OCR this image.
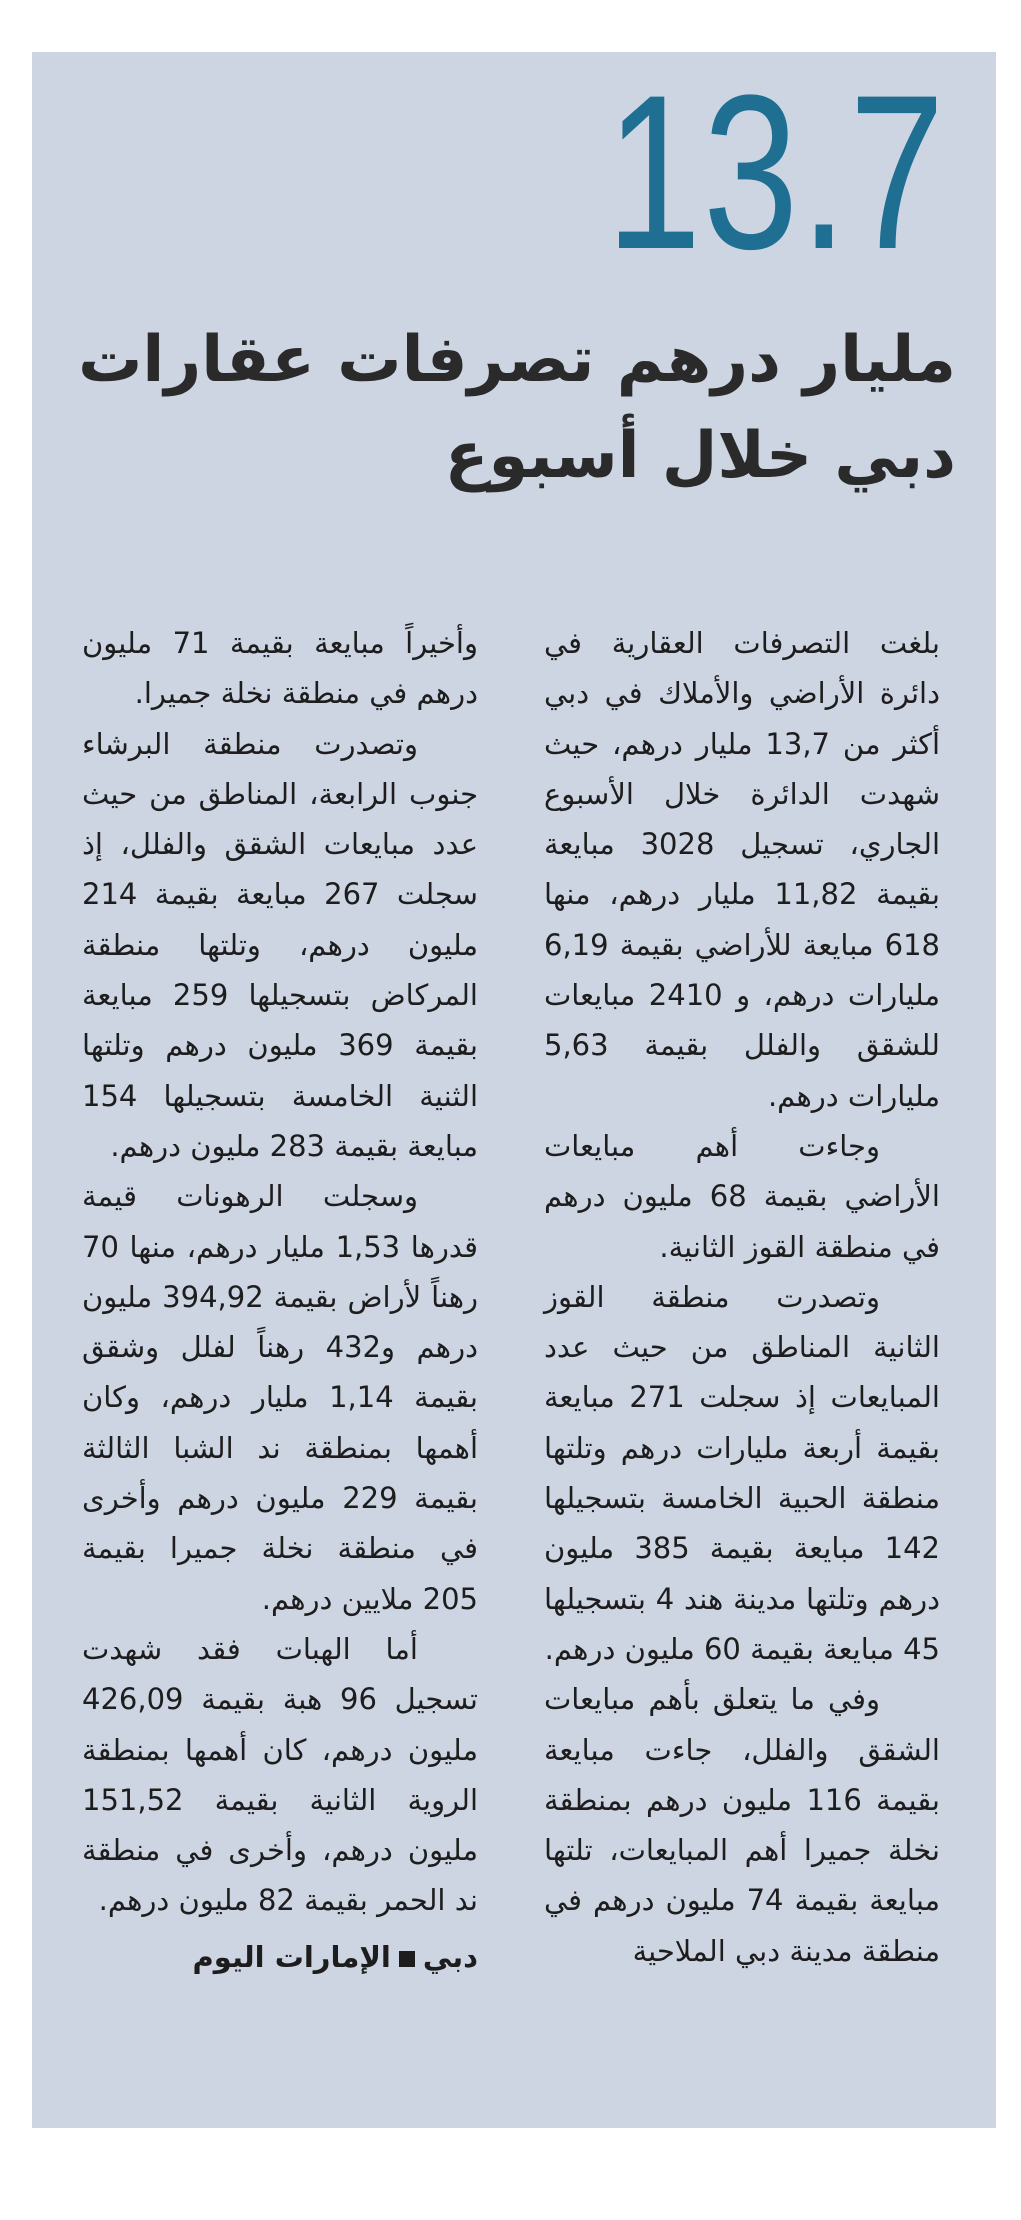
13.7
مليار درهم تصرفات عقارات
دبي خلال أسبوع

بلغت التصرفات العقارية في دائرة الأراضي والأملاك في دبي أكثر من 13,7 مليار درهم، حيث شهدت الدائرة خلال الأسبوع الجاري، تسجيل 3028 مبايعة بقيمة 11,82 مليار درهم، منها 618 مبايعة للأراضي بقيمة 6,19 مليارات درهم، و 2410 مبايعات للشقق والفلل بقيمة 5,63 مليارات درهم.

وجاءت أهم مبايعات الأراضي بقيمة 68 مليون درهم في منطقة القوز الثانية.

وتصدرت منطقة القوز الثانية المناطق من حيث عدد المبايعات إذ سجلت 271 مبايعة بقيمة أربعة مليارات درهم وتلتها منطقة الحبية الخامسة بتسجيلها 142 مبايعة بقيمة 385 مليون درهم وتلتها مدينة هند 4 بتسجيلها 45 مبايعة بقيمة 60 مليون درهم.

وفي ما يتعلق بأهم مبايعات الشقق والفلل، جاءت مبايعة بقيمة 116 مليون درهم بمنطقة نخلة جميرا أهم المبايعات، تلتها مبايعة بقيمة 74 مليون درهم في منطقة مدينة دبي الملاحية

وأخيراً مبايعة بقيمة 71 مليون درهم في منطقة نخلة جميرا.

وتصدرت منطقة البرشاء جنوب الرابعة، المناطق من حيث عدد مبايعات الشقق والفلل، إذ سجلت 267 مبايعة بقيمة 214 مليون درهم، وتلتها منطقة المركاض بتسجيلها 259 مبايعة بقيمة 369 مليون درهم وتلتها الثنية الخامسة بتسجيلها 154 مبايعة بقيمة 283 مليون درهم.

وسجلت الرهونات قيمة قدرها 1,53 مليار درهم، منها 70 رهناً لأراض بقيمة 394,92 مليون درهم و432 رهناً لفلل وشقق بقيمة 1,14 مليار درهم، وكان أهمها بمنطقة ند الشبا الثالثة بقيمة 229 مليون درهم وأخرى في منطقة نخلة جميرا بقيمة 205 ملايين درهم.

أما الهبات فقد شهدت تسجيل 96 هبة بقيمة 426,09 مليون درهم، كان أهمها بمنطقة الروية الثانية بقيمة 151,52 مليون درهم، وأخرى في منطقة ند الحمر بقيمة 82 مليون درهم.

دبيالإمارات اليوم
